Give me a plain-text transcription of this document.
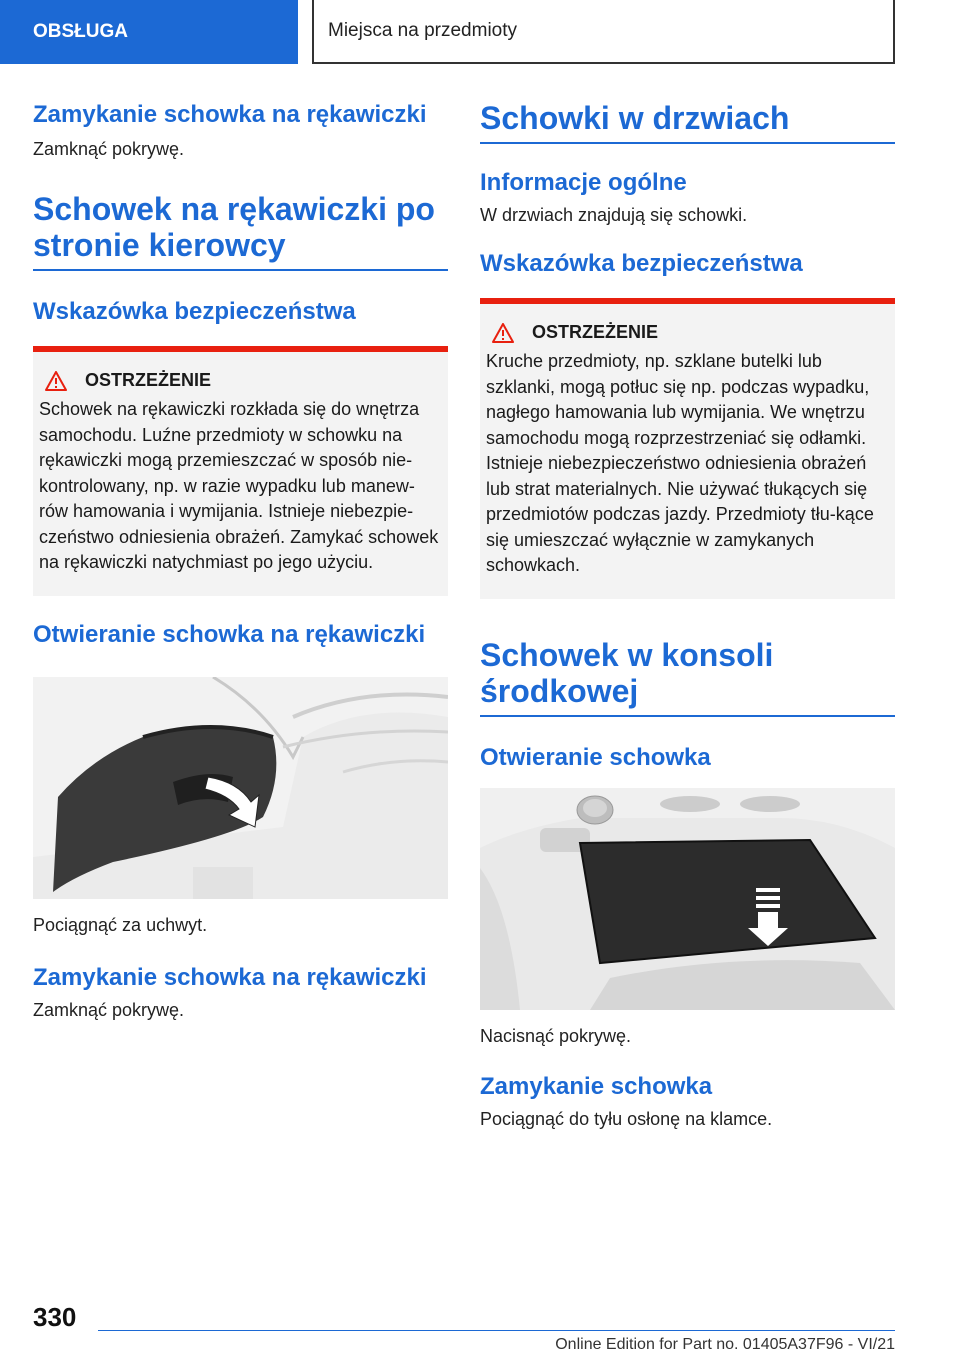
OBSŁUGA	Miejsca na przedmioty
Zamykanie schowka na rękawiczki

Zamknąć pokrywę.

Schowek na rękawiczki po stronie kierowcy
Wskazówka bezpieczeństwa
OSTRZEŻENIE

Schowek na rękawiczki rozkłada się do wnętrza samochodu. Luźne przedmioty w schowku na rękawiczki mogą przemieszczać w sposób nie-kontrolowany, np. w razie wypadku lub manew-rów hamowania i wymijania. Istnieje niebezpie-czeństwo odniesienia obrażeń. Zamykać schowek na rękawiczki natychmiast po jego użyciu.

Otwieranie schowka na rękawiczki

Pociągnąć za uchwyt.

Zamykanie schowka na rękawiczki

Zamknąć pokrywę.

Schowki w drzwiach
Informacje ogólne

W drzwiach znajdują się schowki.

Wskazówka bezpieczeństwa
OSTRZEŻENIE

Kruche przedmioty, np. szklane butelki lub szklanki, mogą potłuc się np. podczas wypadku, nagłego hamowania lub wymijania. We wnętrzu samochodu mogą rozprzestrzeniać się odłamki. Istnieje niebezpieczeństwo odniesienia obrażeń lub strat materialnych. Nie używać tłukących się przedmiotów podczas jazdy. Przedmioty tłu-kące się umieszczać wyłącznie w zamykanych schowkach.

Schowek w konsoli środkowej
Otwieranie schowka

Nacisnąć pokrywę.

Zamykanie schowka

Pociągnąć do tyłu osłonę na klamce.

330
Online Edition for Part no. 01405A37F96 - VI/21
